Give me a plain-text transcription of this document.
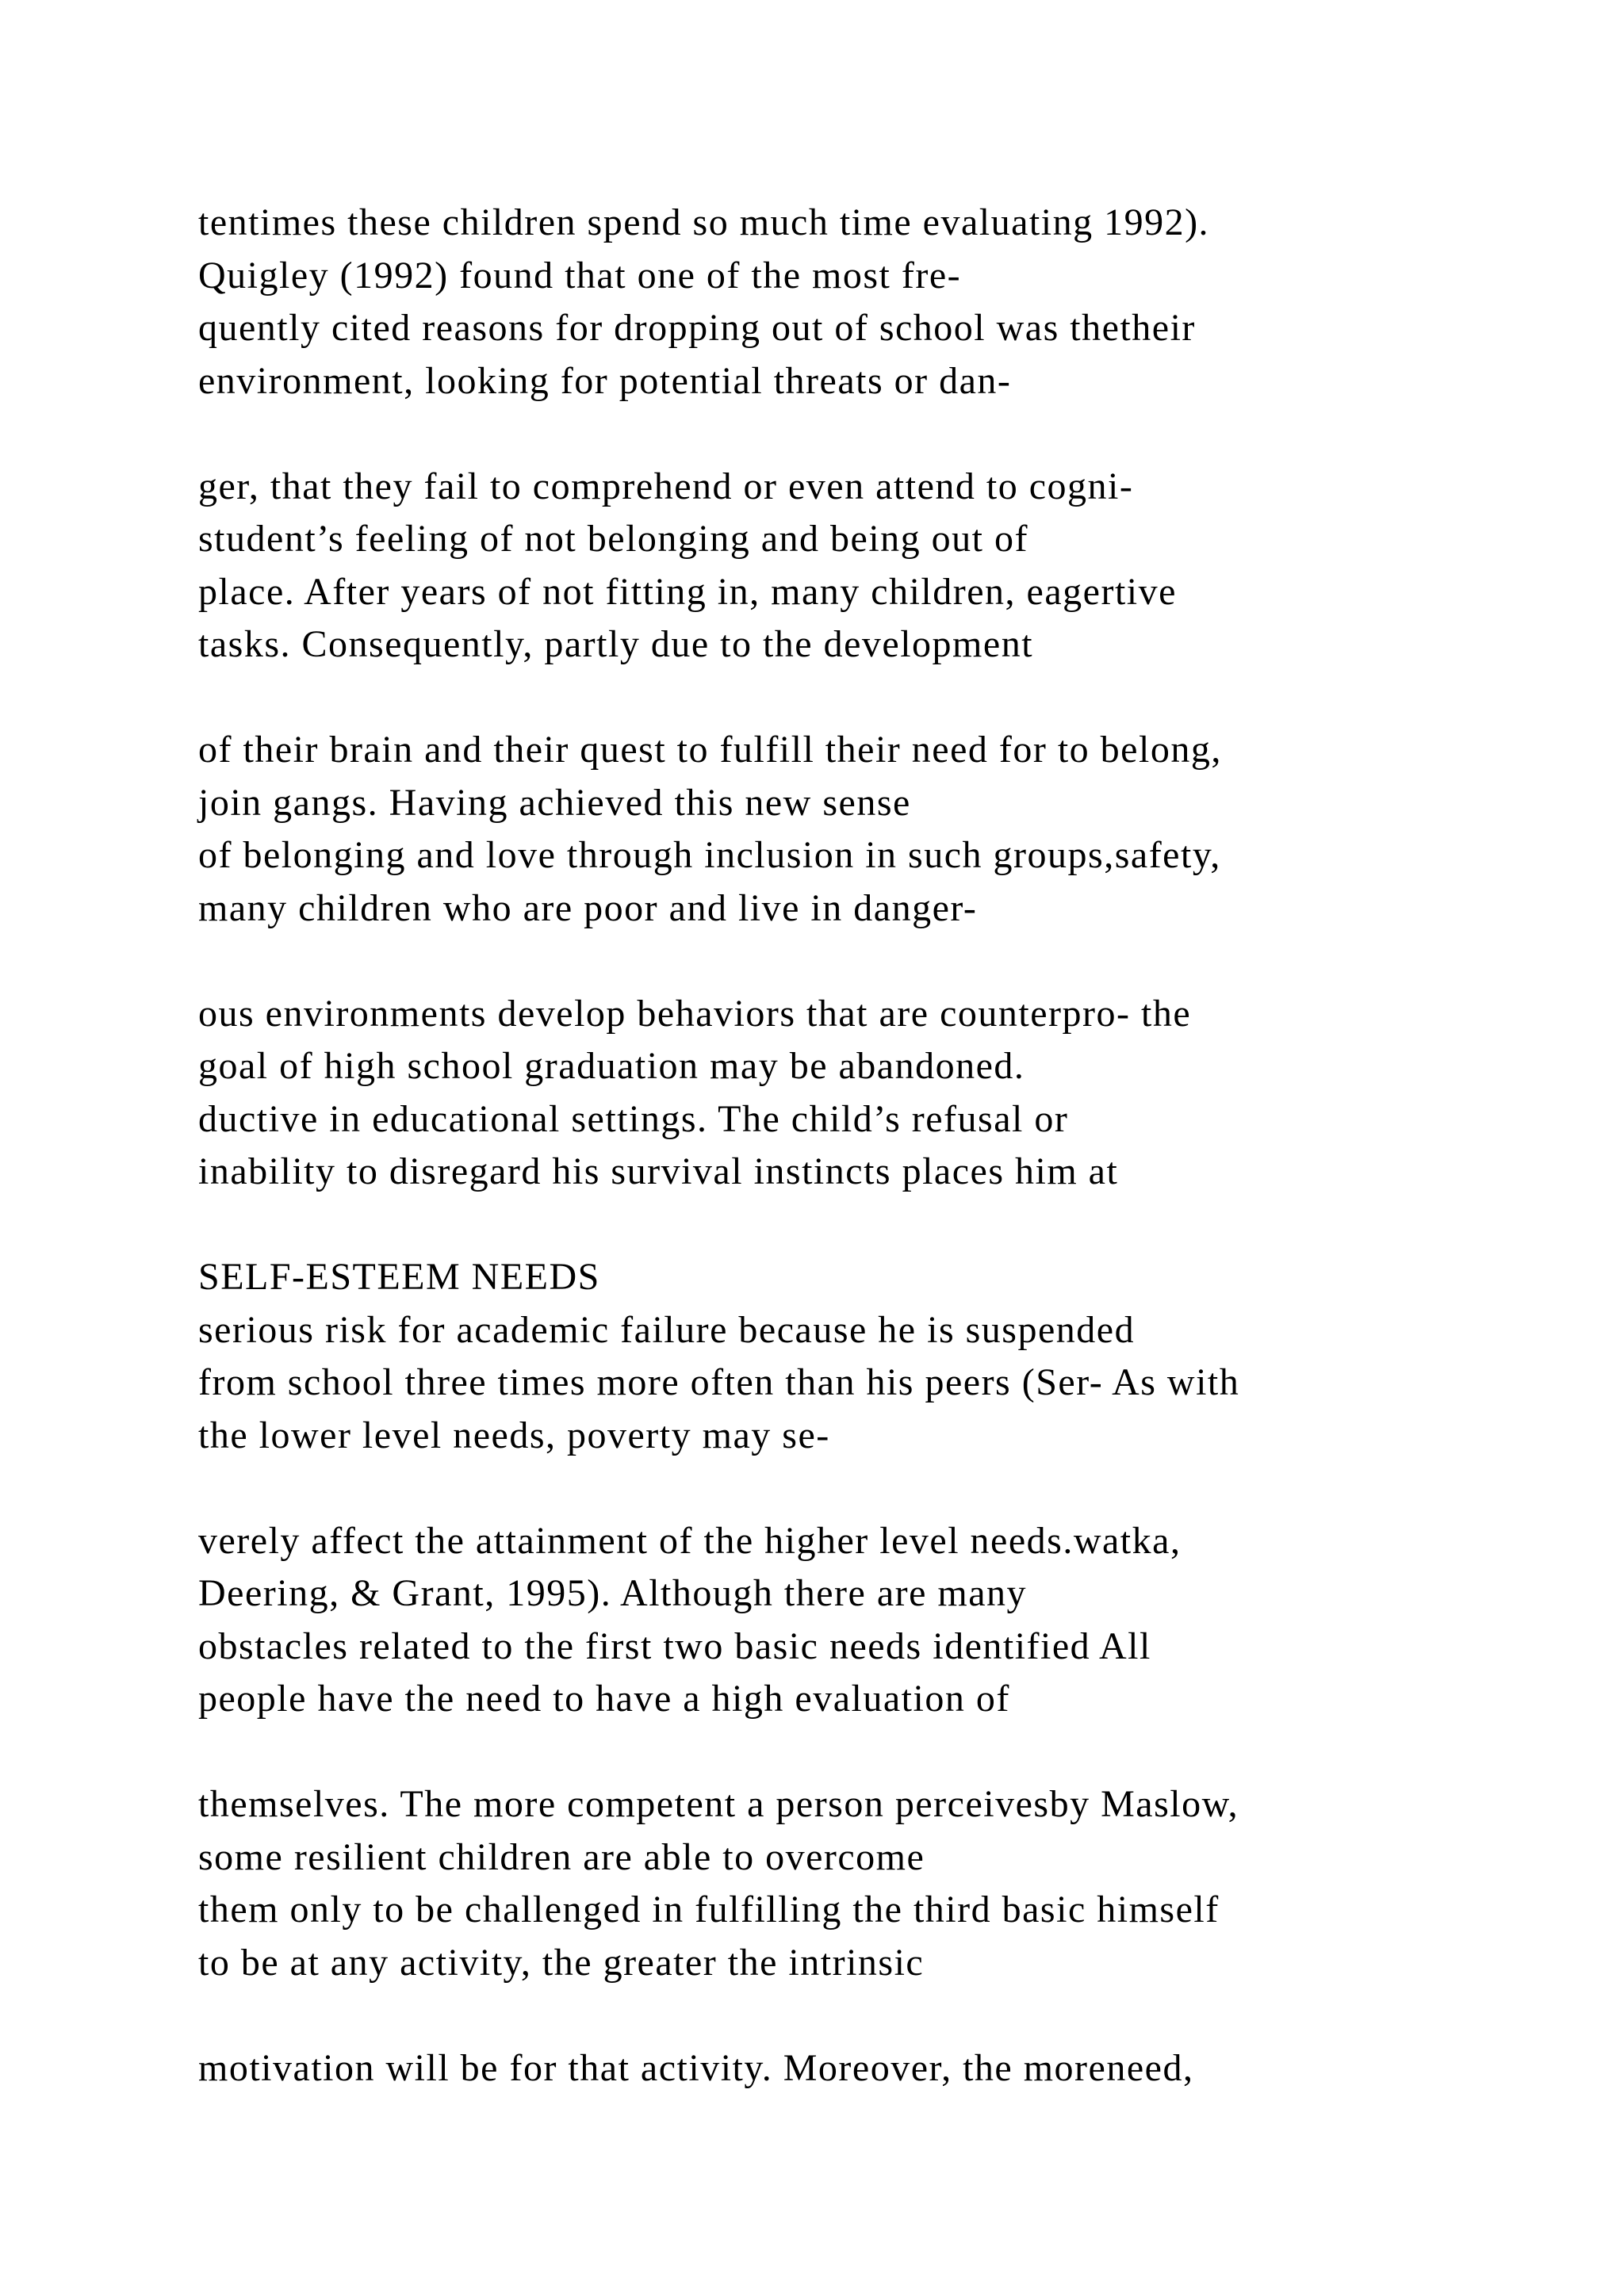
tentimes these children spend so much time evaluating 1992).
Quigley (1992) found that one of the most fre-
quently cited reasons for dropping out of school was thetheir
environment, looking for potential threats or dan-
ger, that they fail to comprehend or even attend to cogni-
student’s feeling of not belonging and being out of
place. After years of not fitting in, many children, eagertive
tasks. Consequently, partly due to the development
of their brain and their quest to fulfill their need for to belong,
join gangs. Having achieved this new sense
of belonging and love through inclusion in such groups,safety,
many children who are poor and live in danger-
ous environments develop behaviors that are counterpro- the
goal of high school graduation may be abandoned.
ductive in educational settings. The child’s refusal or
inability to disregard his survival instincts places him at
SELF-ESTEEM NEEDS
serious risk for academic failure because he is suspended
from school three times more often than his peers (Ser- As with
the lower level needs, poverty may se-
verely affect the attainment of the higher level needs.watka,
Deering, & Grant, 1995). Although there are many
obstacles related to the first two basic needs identified All
people have the need to have a high evaluation of
themselves. The more competent a person perceivesby Maslow,
some resilient children are able to overcome
them only to be challenged in fulfilling the third basic himself
to be at any activity, the greater the intrinsic
motivation will be for that activity. Moreover, the moreneed,
